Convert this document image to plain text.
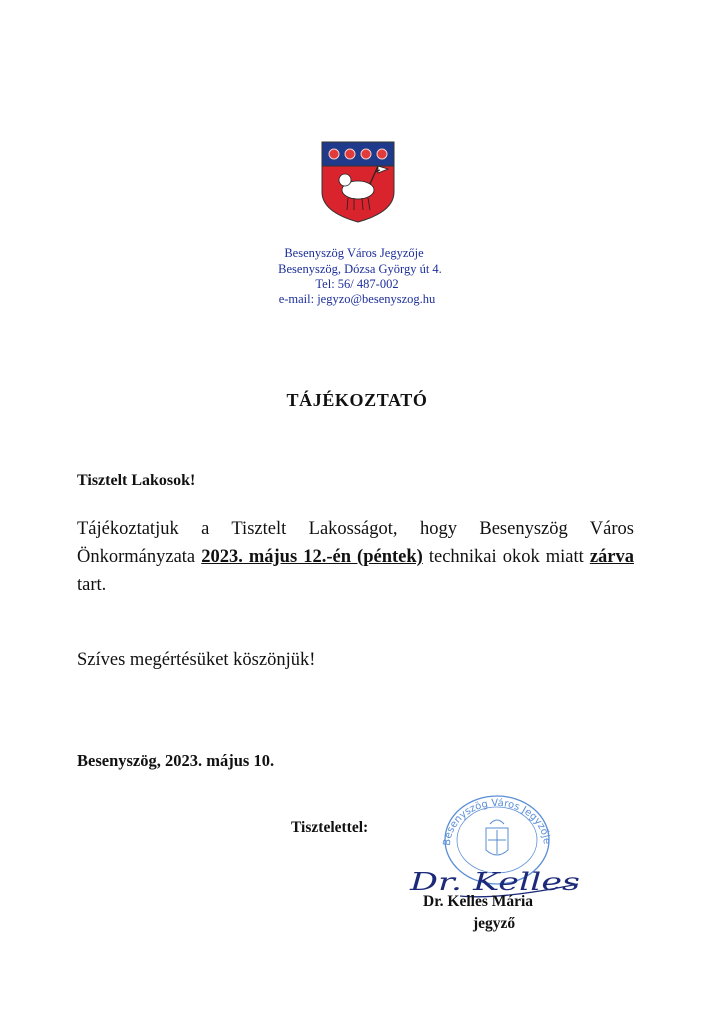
Besenyszög Város Jegyzője
Besenyszög, Dózsa György út 4.
Tel: 56/ 487-002
e-mail: jegyzo@besenyszog.hu
TÁJÉKOZTATÓ
Tisztelt Lakosok!
Tájékoztatjuk a Tisztelt Lakosságot, hogy Besenyszög Város Önkormányzata 2023. május 12.-én (péntek) technikai okok miatt zárva tart.
Szíves megértésüket köszönjük!
Besenyszög, 2023. május 10.
Tisztelettel:
Besenyszög Város Jegyzője
Dr. Kelles
Dr. Kelles Mária
jegyző
